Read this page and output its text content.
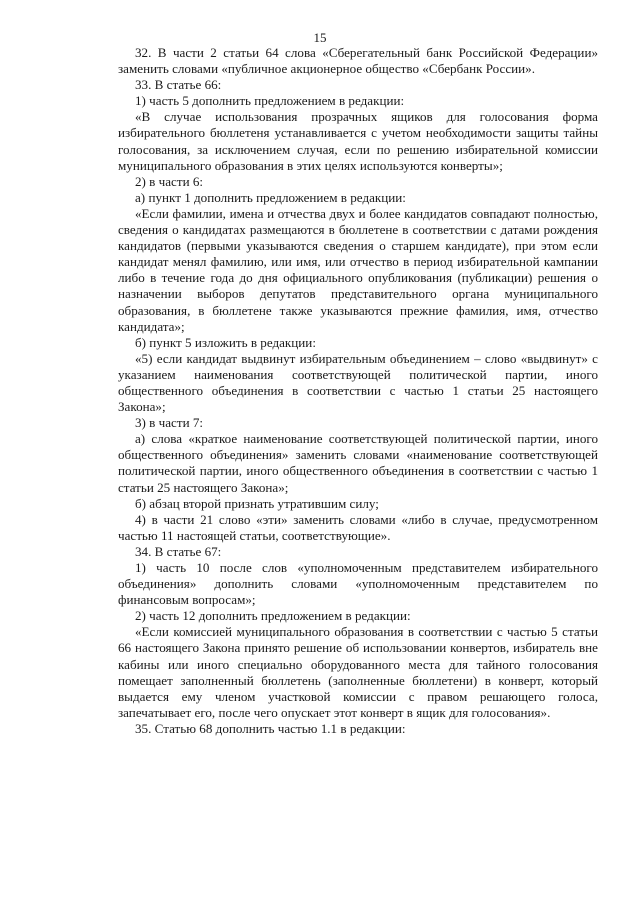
15

32. В части 2 статьи 64 слова «Сберегательный банк Российской Федерации» заменить словами «публичное акционерное общество «Сбербанк России».

33. В статье 66:

1) часть 5 дополнить предложением в редакции:

«В случае использования прозрачных ящиков для голосования форма избирательного бюллетеня устанавливается с учетом необходимости защиты тайны голосования, за исключением случая, если по решению избирательной комиссии муниципального образования в этих целях используются конверты»;

2) в части 6:

а) пункт 1 дополнить предложением в редакции:

«Если фамилии, имена и отчества двух и более кандидатов совпадают полностью, сведения о кандидатах размещаются в бюллетене в соответствии с датами рождения кандидатов (первыми указываются сведения о старшем кандидате), при этом если кандидат менял фамилию, или имя, или отчество в период избирательной кампании либо в течение года до дня официального опубликования (публикации) решения о назначении выборов депутатов представительного органа муниципального образования, в бюллетене также указываются прежние фамилия, имя, отчество кандидата»;

б) пункт 5 изложить в редакции:

«5) если кандидат выдвинут избирательным объединением – слово «выдвинут» с указанием наименования соответствующей политической партии, иного общественного объединения в соответствии с частью 1 статьи 25 настоящего Закона»;

3) в части 7:

а) слова «краткое наименование соответствующей политической партии, иного общественного объединения» заменить словами «наименование соответствующей политической партии, иного общественного объединения в соответствии с частью 1 статьи 25 настоящего Закона»;

б) абзац второй признать утратившим силу;

4) в части 21 слово «эти» заменить словами «либо в случае, предусмотренном частью 11 настоящей статьи, соответствующие».

34. В статье 67:

1) часть 10 после слов «уполномоченным представителем избирательного объединения» дополнить словами «уполномоченным представителем по финансовым вопросам»;

2) часть 12 дополнить предложением в редакции:

«Если комиссией муниципального образования в соответствии с частью 5 статьи 66 настоящего Закона принято решение об использовании конвертов, избиратель вне кабины или иного специально оборудованного места для тайного голосования помещает заполненный бюллетень (заполненные бюллетени) в конверт, который выдается ему членом участковой комиссии с правом решающего голоса, запечатывает его, после чего опускает этот конверт в ящик для голосования».

35. Статью 68 дополнить частью 1.1 в редакции:
